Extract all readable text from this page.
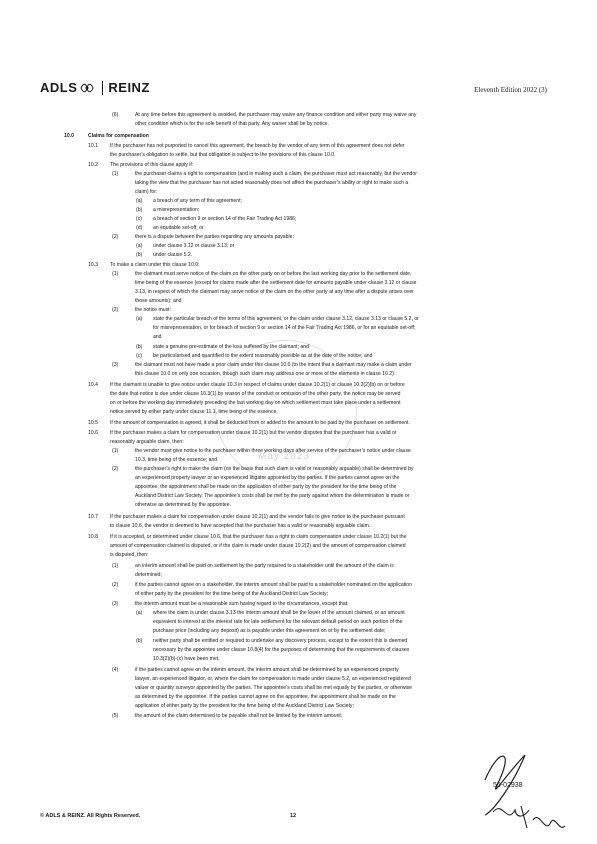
ADLS REINZ	Eleventh Edition 2022 (3)
May 2023
(6)	At any time before this agreement is avoided, the purchaser may waive any finance condition and either party may waive any
other condition which is for the sole benefit of that party. Any waiver shall be by notice.
10.0	Claims for compensation
10.1 If the purchaser has not purported to cancel this agreement, the breach by the vendor of any term of this agreement does not defer
the purchaser’s obligation to settle, but that obligation is subject to the provisions of this clause 10.0.
10.2 The provisions of this clause apply if:
(1)	the purchaser claims a right to compensation (and in making such a claim, the purchaser must act reasonably, but the vendor
taking the view that the purchaser has not acted reasonably does not affect the purchaser’s ability or right to make such a
claim) for:
(a) a breach of any term of this agreement;
(b) a misrepresentation;
(c) a breach of section 9 or section 14 of the Fair Trading Act 1986;
(d) an equitable set-off, or
(2)	there is a dispute between the parties regarding any amounts payable:
(a) under clause 3.12 or clause 3.13; or
(b) under clause 5.2.
10.3 To make a claim under this clause 10.0:
(1)	the claimant must serve notice of the claim on the other party on or before the last working day prior to the settlement date,
time being of the essence (except for claims made after the settlement date for amounts payable under clause 3.12 or clause
3.13, in respect of which the claimant may serve notice of the claim on the other party at any time after a dispute arises over
those amounts); and
(2)	the notice must:
(a) state the particular breach of the terms of this agreement, or the claim under clause 3.12, clause 3.13 or clause 5.2, or
for misrepresentation, or for breach of section 9 or section 14 of the Fair Trading Act 1986, or for an equitable set-off;
and
(b) state a genuine pre-estimate of the loss suffered by the claimant; and
(c) be particularised and quantified to the extent reasonably possible as at the date of the notice; and
(3)	the claimant must not have made a prior claim under this clause 10.0 (to the intent that a claimant may make a claim under
this clause 10.0 on only one occasion, though such claim may address one or more of the elements in clause 10.2).
10.4 If the claimant is unable to give notice under clause 10.3 in respect of claims under clause 10.2(1) or clause 10.2(2)(b) on or before
the date that notice is due under clause 10.3(1) by reason of the conduct or omission of the other party, the notice may be served
on or before the working day immediately preceding the last working day on which settlement must take place under a settlement
notice served by either party under clause 11.1, time being of the essence.
10.5 If the amount of compensation is agreed, it shall be deducted from or added to the amount to be paid by the purchaser on settlement.
10.6 If the purchaser makes a claim for compensation under clause 10.2(1) but the vendor disputes that the purchaser has a valid or
reasonably arguable claim, then:
(1)	the vendor must give notice to the purchaser within three working days after service of the purchaser’s notice under clause
10.3, time being of the essence; and
(2)	the purchaser’s right to make the claim (on the basis that such claim is valid or reasonably arguable) shall be determined by
an experienced property lawyer or an experienced litigator appointed by the parties. If the parties cannot agree on the
appointee, the appointment shall be made on the application of either party by the president for the time being of the
Auckland District Law Society. The appointee’s costs shall be met by the party against whom the determination is made or
otherwise as determined by the appointee.
10.7 If the purchaser makes a claim for compensation under clause 10.2(1) and the vendor fails to give notice to the purchaser pursuant
to clause 10.6, the vendor is deemed to have accepted that the purchaser has a valid or reasonably arguable claim.
10.8 If it is accepted, or determined under clause 10.6, that the purchaser has a right to claim compensation under clause 10.2(1) but the
amount of compensation claimed is disputed, or if the claim is made under clause 10.2(2) and the amount of compensation claimed
is disputed, then:
(1)	an interim amount shall be paid on settlement by the party required to a stakeholder until the amount of the claim is
determined;
(2)	if the parties cannot agree on a stakeholder, the interim amount shall be paid to a stakeholder nominated on the application
of either party by the president for the time being of the Auckland District Law Society;
(3)	the interim amount must be a reasonable sum having regard to the circumstances, except that:
(a) where the claim is under clause 3.13 the interim amount shall be the lower of the amount claimed, or an amount
equivalent to interest at the interest rate for late settlement for the relevant default period on such portion of the
purchase price (including any deposit) as is payable under this agreement on or by the settlement date;
(b) neither party shall be entitled or required to undertake any discovery process, except to the extent this is deemed
necessary by the appointee under clause 10.8(4) for the purposes of determining that the requirements of clauses
10.3(2)(b)-(c) have been met.
(4)	if the parties cannot agree on the interim amount, the interim amount shall be determined by an experienced property
lawyer, an experienced litigator, or, where the claim for compensation is made under clause 5.2, an experienced registered
valuer or quantity surveyor appointed by the parties. The appointee’s costs shall be met equally by the parties, or otherwise
as determined by the appointee. If the parties cannot agree on the appointee, the appointment shall be made on the
application of either party by the president for the time being of the Auckland District Law Society;
(5)	the amount of the claim determined to be payable shall not be limited by the interim amount;
© ADLS & REINZ. All Rights Reserved.	12
55-02938
